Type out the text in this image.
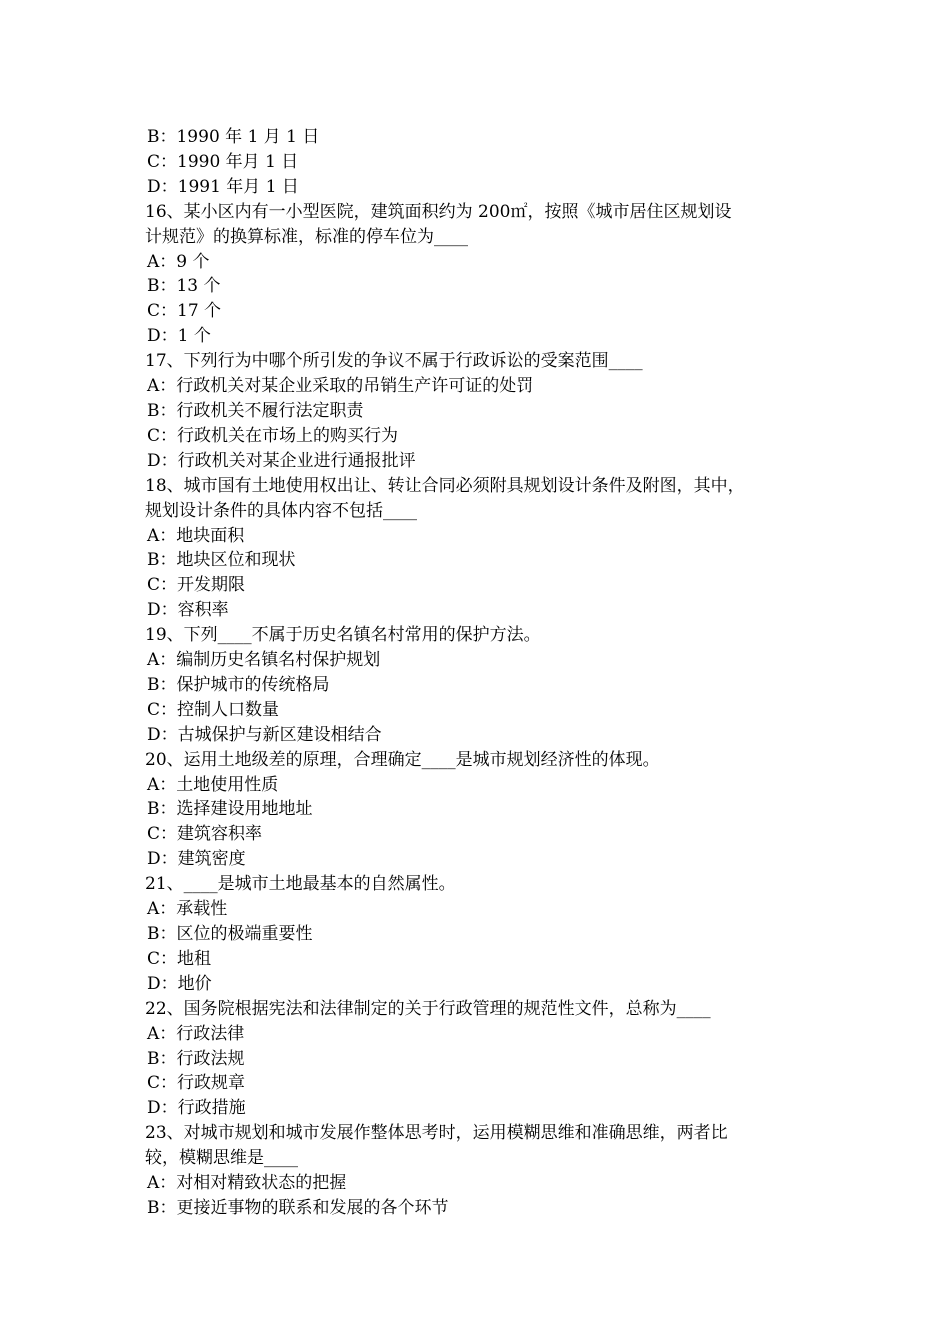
B：1990 年 1 月 1 日

C：1990 年月 1 日

D：1991 年月 1 日

16、某小区内有一小型医院，建筑面积约为 200㎡，按照《城市居住区规划设
计规范》的换算标准，标准的停车位为____

A：9 个

B：13 个

C：17 个

D：1 个

17、下列行为中哪个所引发的争议不属于行政诉讼的受案范围____

A：行政机关对某企业采取的吊销生产许可证的处罚

B：行政机关不履行法定职责

C：行政机关在市场上的购买行为

D：行政机关对某企业进行通报批评

18、城市国有土地使用权出让、转让合同必须附具规划设计条件及附图，其中，
规划设计条件的具体内容不包括____

A：地块面积

B：地块区位和现状

C：开发期限

D：容积率

19、下列____不属于历史名镇名村常用的保护方法。

A：编制历史名镇名村保护规划

B：保护城市的传统格局

C：控制人口数量

D：古城保护与新区建设相结合

20、运用土地级差的原理，合理确定____是城市规划经济性的体现。

A：土地使用性质

B：选择建设用地地址

C：建筑容积率

D：建筑密度

21、____是城市土地最基本的自然属性。

A：承载性

B：区位的极端重要性

C：地租

D：地价

22、国务院根据宪法和法律制定的关于行政管理的规范性文件，总称为____

A：行政法律

B：行政法规

C：行政规章

D：行政措施

23、对城市规划和城市发展作整体思考时，运用模糊思维和准确思维，两者比
较，模糊思维是____

A：对相对精致状态的把握

B：更接近事物的联系和发展的各个环节
